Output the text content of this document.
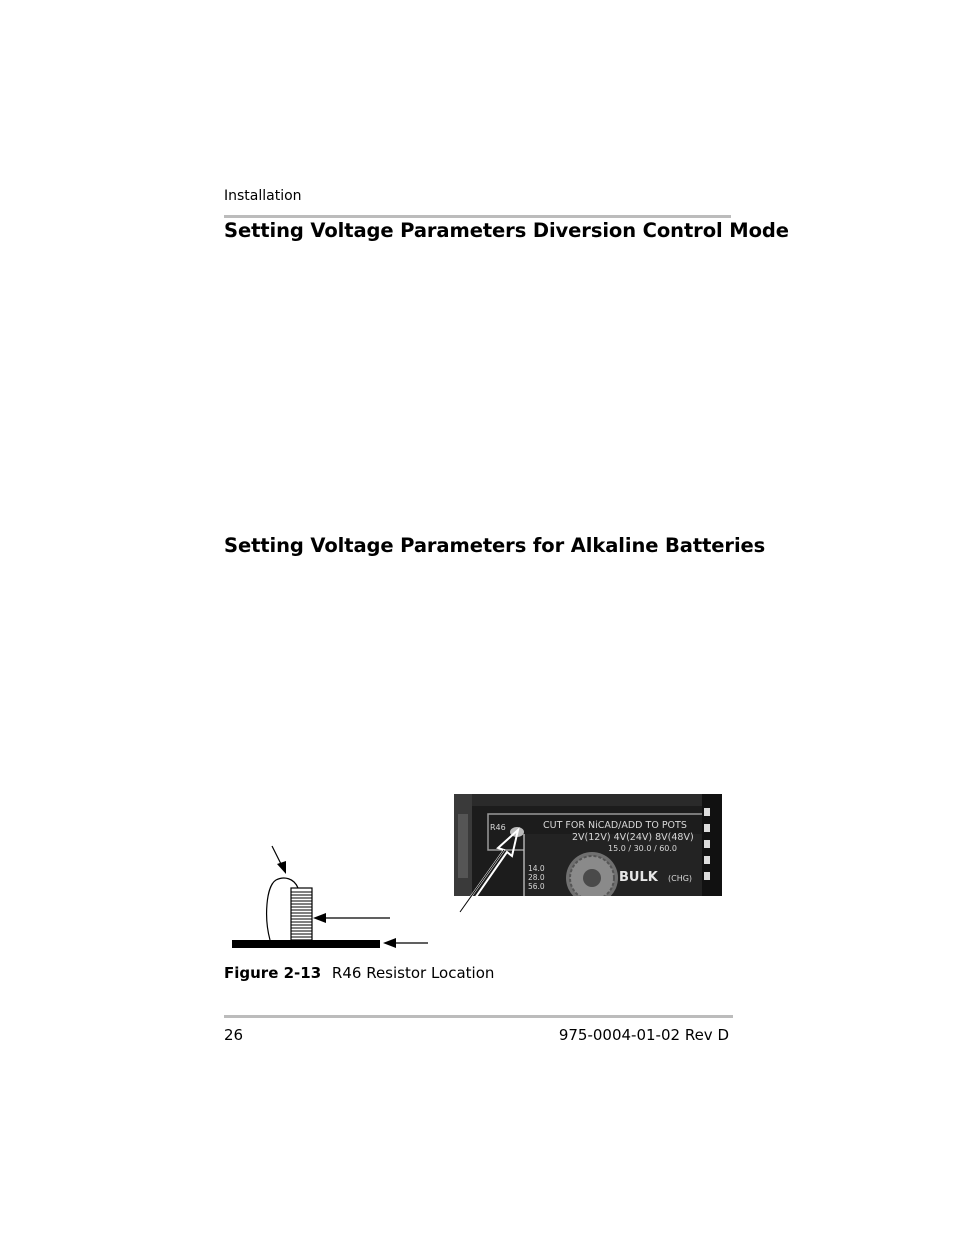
Installation
Setting Voltage Parameters Diversion Control Mode
Setting Voltage Parameters for Alkaline Batteries
R46	CUT FOR NiCAD/ADD TO POTS
2V(12V) 4V(24V) 8V(48V)
15.0 / 30.0 / 60.0
14.0
28.0
56.0
BULK (CHG)
Figure 2-13 R46 Resistor Location
26	975-0004-01-02 Rev D
